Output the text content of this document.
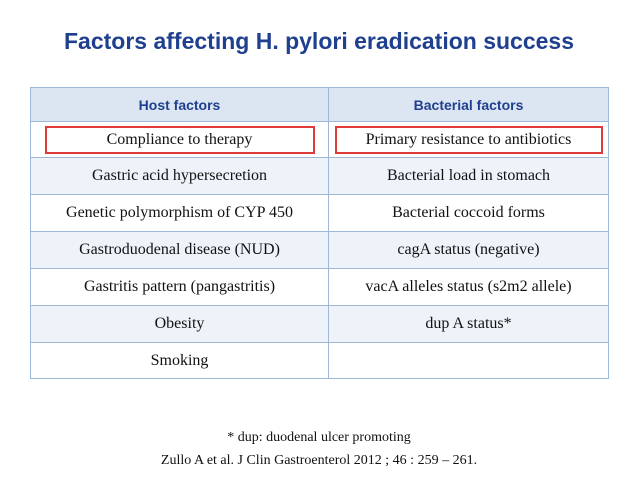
Factors affecting H. pylori eradication success
Host factors	Bacterial factors
Compliance to therapy	Primary resistance to antibiotics
Gastric acid hypersecretion	Bacterial load in stomach
Genetic polymorphism of CYP 450	Bacterial coccoid forms
Gastroduodenal disease (NUD)	cagA status (negative)
Gastritis pattern (pangastritis)	vacA alleles status (s2m2 allele)
Obesity	dup A status*
Smoking	
* dup: duodenal ulcer promoting
Zullo A et al. J Clin Gastroenterol 2012 ; 46 : 259 – 261.
